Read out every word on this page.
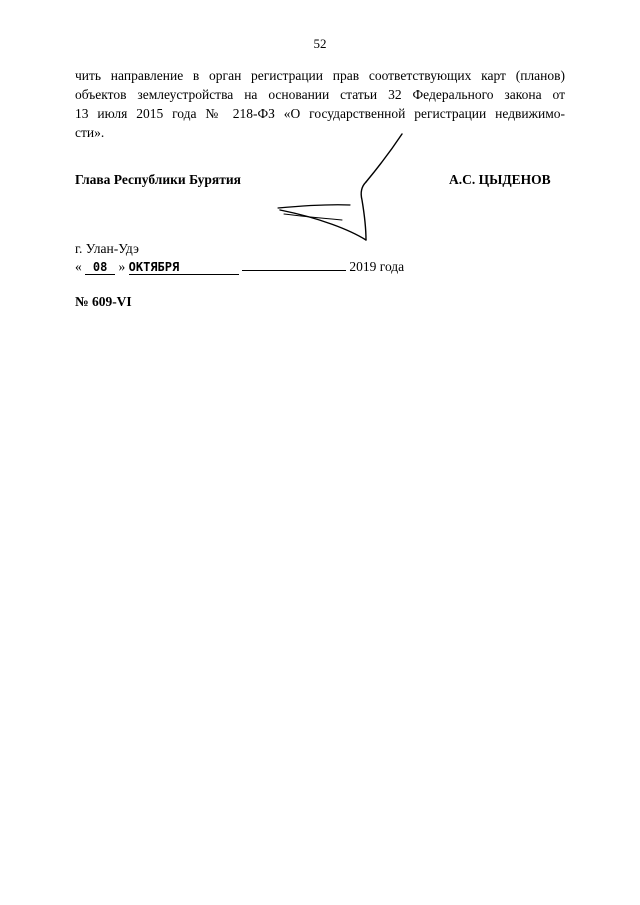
52
чить направление в орган регистрации прав соответствующих карт (планов)
объектов землеустройства на основании статьи 32 Федерального закона от
13 июля 2015 года № 218-ФЗ «О государственной регистрации недвижимо-
сти».
Глава Республики Бурятия	А.С. ЦЫДЕНОВ
г. Улан-Удэ
« 08 » ОКТЯБРЯ	2019 года
№ 609-VI
